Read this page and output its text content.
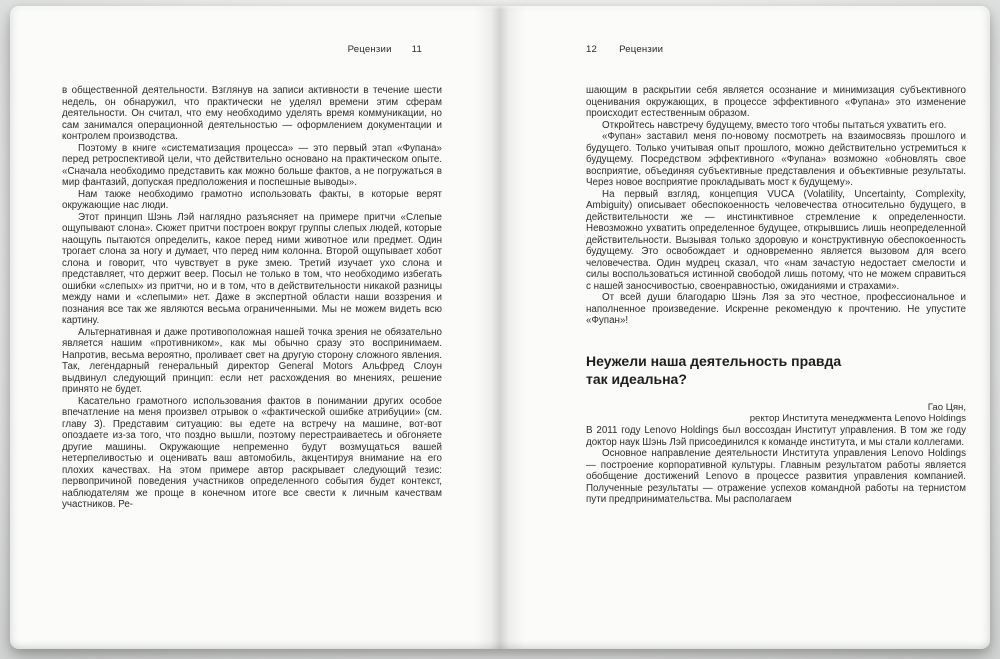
Рецензии 11

в общественной деятельности. Взглянув на записи активности в течение шести недель, он обнаружил, что практически не уделял времени этим сферам деятельности. Он считал, что ему необходимо уделять время коммуникации, но сам занимался операционной деятельностью — оформлением документации и контролем производства.

Поэтому в книге «систематизация процесса» — это первый этап «Фупана» перед ретроспективой цели, что действительно основано на практическом опыте. «Сначала необходимо представить как можно больше фактов, а не погружаться в мир фантазий, допуская предположения и поспешные выводы».

Нам также необходимо грамотно использовать факты, в которые верят окружающие нас люди.

Этот принцип Шэнь Лэй наглядно разъясняет на примере притчи «Слепые ощупывают слона». Сюжет притчи построен вокруг группы слепых людей, которые наощупь пытаются определить, какое перед ними животное или предмет. Один трогает слона за ногу и думает, что перед ним колонна. Второй ощупывает хобот слона и говорит, что чувствует в руке змею. Третий изучает ухо слона и представляет, что держит веер. Посыл не только в том, что необходимо избегать ошибки «слепых» из притчи, но и в том, что в действительности никакой разницы между нами и «слепыми» нет. Даже в экспертной области наши воззрения и познания все так же являются весьма ограниченными. Мы не можем видеть всю картину.

Альтернативная и даже противоположная нашей точка зрения не обязательно является нашим «противником», как мы обычно сразу это воспринимаем. Напротив, весьма вероятно, проливает свет на другую сторону сложного явления. Так, легендарный генеральный директор General Motors Альфред Слоун выдвинул следующий принцип: если нет расхождения во мнениях, решение принято не будет.

Касательно грамотного использования фактов в понимании других особое впечатление на меня произвел отрывок о «фактической ошибке атрибуции» (см. главу 3). Представим ситуацию: вы едете на встречу на машине, вот-вот опоздаете из-за того, что поздно вышли, поэтому перестраиваетесь и обгоняете другие машины. Окружающие непременно будут возмущаться вашей нетерпеливостью и оценивать ваш автомобиль, акцентируя внимание на его плохих качествах. На этом примере автор раскрывает следующий тезис: первопричиной поведения участников определенного события будет контекст, наблюдателям же проще в конечном итоге все свести к личным качествам участников. Ре-

12 Рецензии

шающим в раскрытии себя является осознание и минимизация субъективного оценивания окружающих, в процессе эффективного «Фупана» это изменение происходит естественным образом.

Откройтесь навстречу будущему, вместо того чтобы пытаться ухватить его.

«Фупан» заставил меня по-новому посмотреть на взаимосвязь прошлого и будущего. Только учитывая опыт прошлого, можно действительно устремиться к будущему. Посредством эффективного «Фупана» возможно «обновлять свое восприятие, объединяя субъективные представления и объективные результаты. Через новое восприятие прокладывать мост к будущему».

На первый взгляд, концепция VUCA (Volatility, Uncertainty, Complexity, Ambiguity) описывает обеспокоенность человечества относительно будущего, в действительности же — инстинктивное стремление к определенности. Невозможно ухватить определенное будущее, открывшись лишь неопределенной действительности. Вызывая только здоровую и конструктивную обеспокоенность будущему. Это освобождает и одновременно является вызовом для всего человечества. Один мудрец сказал, что «нам зачастую недостает смелости и силы воспользоваться истинной свободой лишь потому, что не можем справиться с нашей заносчивостью, своенравностью, ожиданиями и страхами».

От всей души благодарю Шэнь Лэя за это честное, профессиональное и наполненное произведение. Искренне рекомендую к прочтению. Не упустите «Фупан»!

Неужели наша деятельность правда так идеальна?
Гао Цян,
ректор Института менеджмента Lenovo Holdings

В 2011 году Lenovo Holdings был воссоздан Институт управления. В том же году доктор наук Шэнь Лэй присоединился к команде института, и мы стали коллегами.

Основное направление деятельности Института управления Lenovo Holdings — построение корпоративной культуры. Главным результатом работы является обобщение достижений Lenovo в процессе развития управления компанией. Полученные результаты — отражение успехов командной работы на тернистом пути предпринимательства. Мы располагаем
